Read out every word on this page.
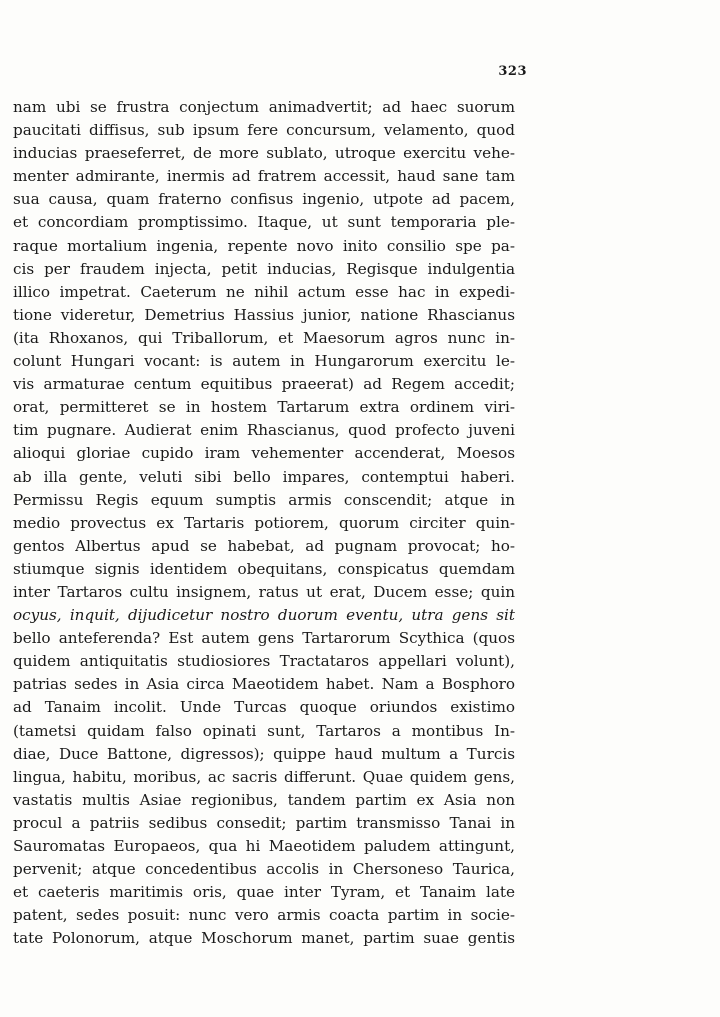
323
nam ubi se frustra conjectum animadvertit; ad haec suorum
paucitati diffisus, sub ipsum fere concursum, velamento, quod
inducias praeseferret, de more sublato, utroque exercitu vehe-
menter admirante, inermis ad fratrem accessit, haud sane tam
sua causa, quam fraterno confisus ingenio, utpote ad pacem,
et concordiam promptissimo. Itaque, ut sunt temporaria ple-
raque mortalium ingenia, repente novo inito consilio spe pa-
cis per fraudem injecta, petit inducias, Regisque indulgentia
illico impetrat. Caeterum ne nihil actum esse hac in expedi-
tione videretur, Demetrius Hassius junior, natione Rhascianus
(ita Rhoxanos, qui Triballorum, et Maesorum agros nunc in-
colunt Hungari vocant: is autem in Hungarorum exercitu le-
vis armaturae centum equitibus praeerat) ad Regem accedit;
orat, permitteret se in hostem Tartarum extra ordinem viri-
tim pugnare. Audierat enim Rhascianus, quod profecto juveni
alioqui gloriae cupido iram vehementer accenderat, Moesos
ab illa gente, veluti sibi bello impares, contemptui haberi.
Permissu Regis equum sumptis armis conscendit; atque in
medio provectus ex Tartaris potiorem, quorum circiter quin-
gentos Albertus apud se habebat, ad pugnam provocat; ho-
stiumque signis identidem obequitans, conspicatus quemdam
inter Tartaros cultu insignem, ratus ut erat, Ducem esse; quin
ocyus, inquit, dijudicetur nostro duorum eventu, utra gens sit
bello anteferenda? Est autem gens Tartarorum Scythica (quos
quidem antiquitatis studiosiores Tractataros appellari volunt),
patrias sedes in Asia circa Maeotidem habet. Nam a Bosphoro
ad Tanaim incolit. Unde Turcas quoque oriundos existimo
(tametsi quidam falso opinati sunt, Tartaros a montibus In-
diae, Duce Battone, digressos); quippe haud multum a Turcis
lingua, habitu, moribus, ac sacris differunt. Quae quidem gens,
vastatis multis Asiae regionibus, tandem partim ex Asia non
procul a patriis sedibus consedit; partim transmisso Tanai in
Sauromatas Europaeos, qua hi Maeotidem paludem attingunt,
pervenit; atque concedentibus accolis in Chersoneso Taurica,
et caeteris maritimis oris, quae inter Tyram, et Tanaim late
patent, sedes posuit: nunc vero armis coacta partim in socie-
tate Polonorum, atque Moschorum manet, partim suae gentis
